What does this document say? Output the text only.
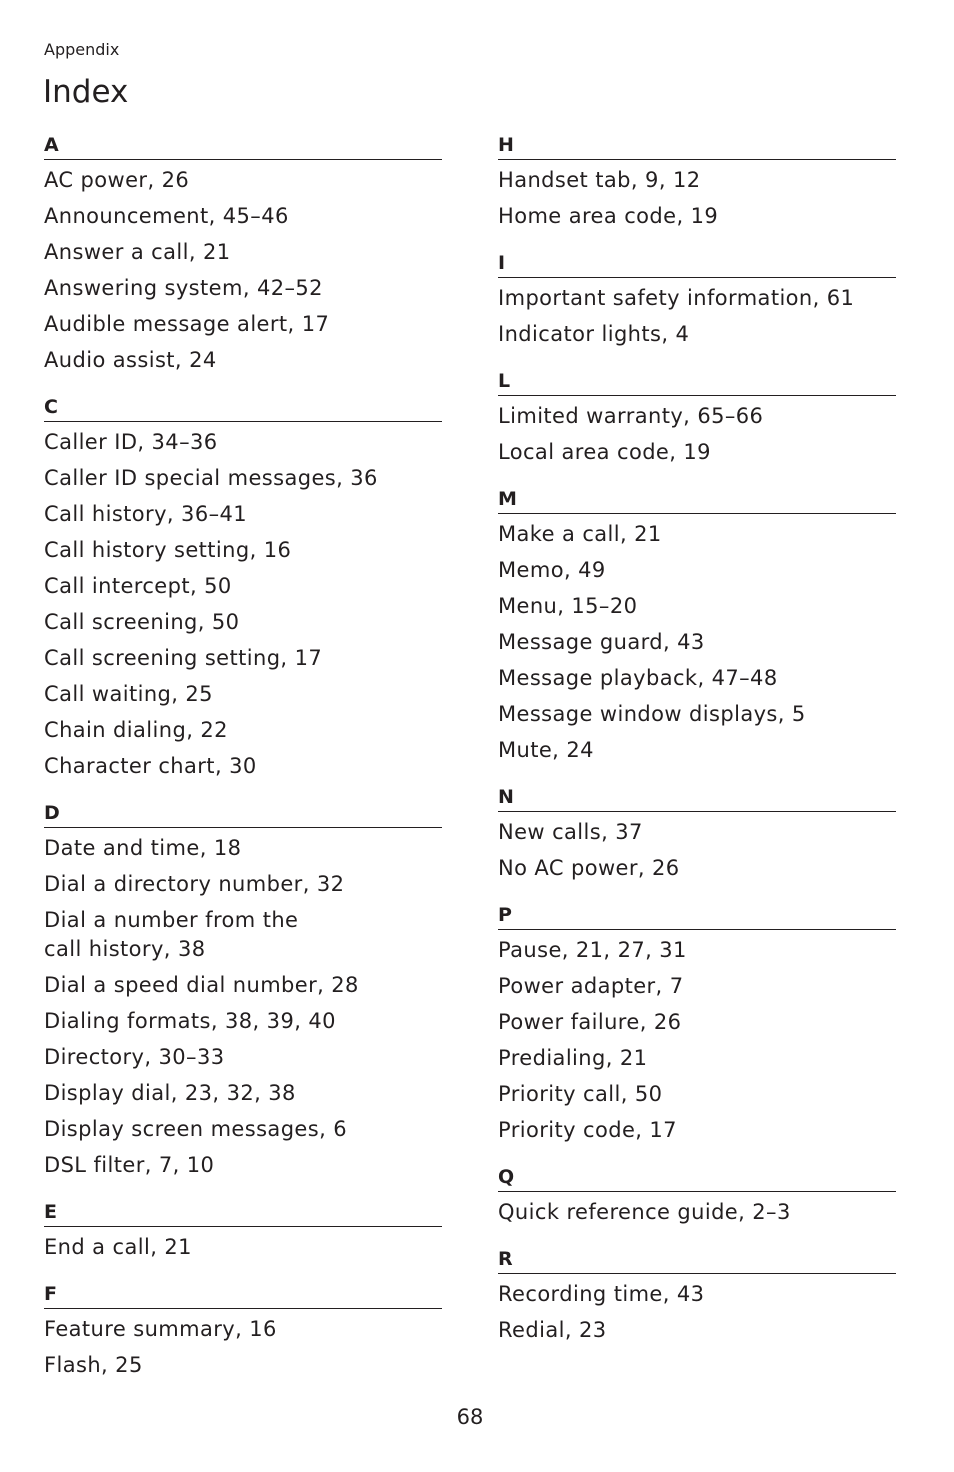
Appendix
Index
A
AC power, 26
Announcement, 45–46
Answer a call, 21
Answering system, 42–52
Audible message alert, 17
Audio assist, 24
C
Caller ID, 34–36
Caller ID special messages, 36
Call history, 36–41
Call history setting, 16
Call intercept, 50
Call screening, 50
Call screening setting, 17
Call waiting, 25
Chain dialing, 22
Character chart, 30
D
Date and time, 18
Dial a directory number, 32
Dial a number from the
call history, 38
Dial a speed dial number, 28
Dialing formats, 38, 39, 40
Directory, 30–33
Display dial, 23, 32, 38
Display screen messages, 6
DSL filter, 7, 10
E
End a call, 21
F
Feature summary, 16
Flash, 25
H
Handset tab, 9, 12
Home area code, 19
I
Important safety information, 61
Indicator lights, 4
L
Limited warranty, 65–66
Local area code, 19
M
Make a call, 21
Memo, 49
Menu, 15–20
Message guard, 43
Message playback, 47–48
Message window displays, 5
Mute, 24
N
New calls, 37
No AC power, 26
P
Pause, 21, 27, 31
Power adapter, 7
Power failure, 26
Predialing, 21
Priority call, 50
Priority code, 17
Q
Quick reference guide, 2–3
R
Recording time, 43
Redial, 23
68
